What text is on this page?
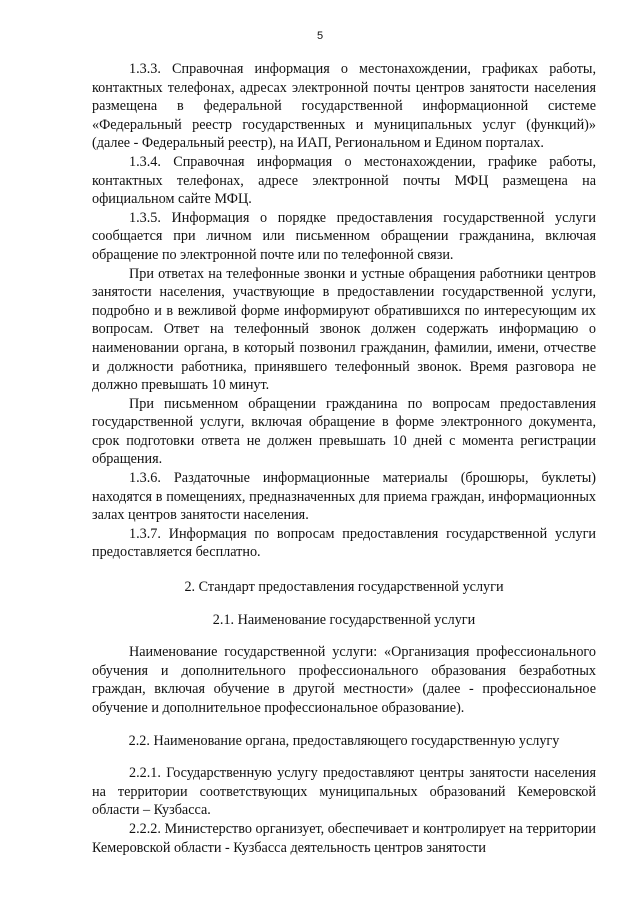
5

1.3.3. Справочная информация о местонахождении, графиках работы, контактных телефонах, адресах электронной почты центров занятости населения размещена в федеральной государственной информационной системе «Федеральный реестр государственных и муниципальных услуг (функций)» (далее - Федеральный реестр), на ИАП, Региональном и Едином порталах.

1.3.4. Справочная информация о местонахождении, графике работы, контактных телефонах, адресе электронной почты МФЦ размещена на официальном сайте МФЦ.

1.3.5. Информация о порядке предоставления государственной услуги сообщается при личном или письменном обращении гражданина, включая обращение по электронной почте или по телефонной связи.

При ответах на телефонные звонки и устные обращения работники центров занятости населения, участвующие в предоставлении государственной услуги, подробно и в вежливой форме информируют обратившихся по интересующим их вопросам. Ответ на телефонный звонок должен содержать информацию о наименовании органа, в который позвонил гражданин, фамилии, имени, отчестве и должности работника, принявшего телефонный звонок. Время разговора не должно превышать 10 минут.

При письменном обращении гражданина по вопросам предоставления государственной услуги, включая обращение в форме электронного документа, срок подготовки ответа не должен превышать 10 дней с момента регистрации обращения.

1.3.6. Раздаточные информационные материалы (брошюры, буклеты) находятся в помещениях, предназначенных для приема граждан, информационных залах центров занятости населения.

1.3.7. Информация по вопросам предоставления государственной услуги предоставляется бесплатно.

2. Стандарт предоставления государственной услуги
2.1. Наименование государственной услуги

Наименование государственной услуги: «Организация профессионального обучения и дополнительного профессионального образования безработных граждан, включая обучение в другой местности» (далее - профессиональное обучение и дополнительное профессиональное образование).

2.2. Наименование органа, предоставляющего государственную услугу

2.2.1. Государственную услугу предоставляют центры занятости населения на территории соответствующих муниципальных образований Кемеровской области – Кузбасса.

2.2.2. Министерство организует, обеспечивает и контролирует на территории Кемеровской области - Кузбасса деятельность центров занятости
